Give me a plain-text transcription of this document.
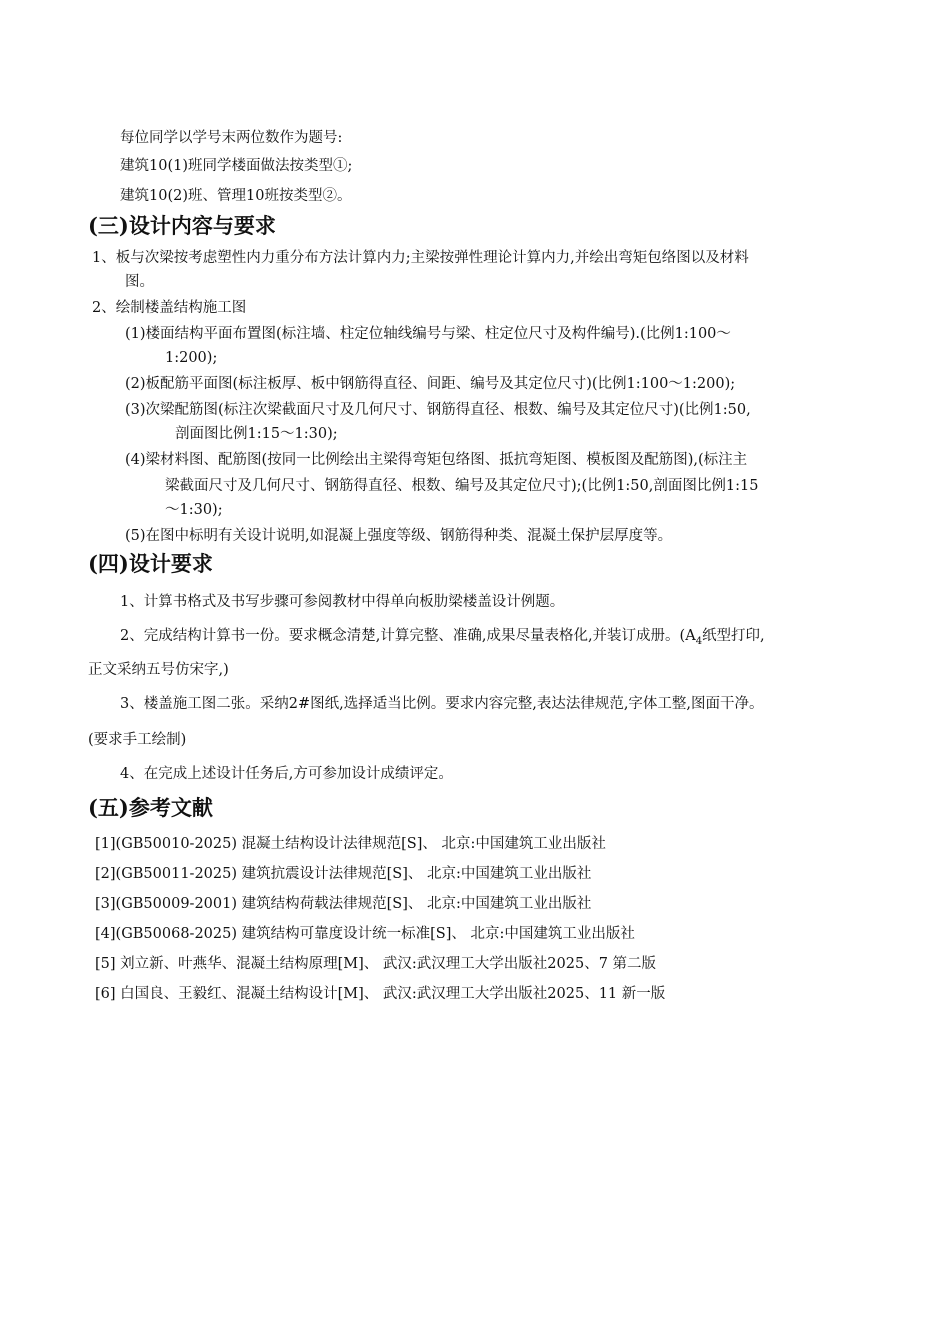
每位同学以学号末两位数作为题号:
建筑10(1)班同学楼面做法按类型①;
建筑10(2)班、管理10班按类型②。
(三)设计内容与要求
1、板与次梁按考虑塑性内力重分布方法计算内力;主梁按弹性理论计算内力,并绘出弯矩包络图以及材料
图。
2、绘制楼盖结构施工图
(1)楼面结构平面布置图(标注墙、柱定位轴线编号与梁、柱定位尺寸及构件编号).(比例1:100～
1:200);
(2)板配筋平面图(标注板厚、板中钢筋得直径、间距、编号及其定位尺寸)(比例1:100～1:200);
(3)次梁配筋图(标注次梁截面尺寸及几何尺寸、钢筋得直径、根数、编号及其定位尺寸)(比例1:50,
剖面图比例1:15～1:30);
(4)梁材料图、配筋图(按同一比例绘出主梁得弯矩包络图、抵抗弯矩图、模板图及配筋图),(标注主
梁截面尺寸及几何尺寸、钢筋得直径、根数、编号及其定位尺寸);(比例1:50,剖面图比例1:15
～1:30);
(5)在图中标明有关设计说明,如混凝上强度等级、钢筋得种类、混凝土保护层厚度等。
(四)设计要求
1、计算书格式及书写步骤可参阅教材中得单向板肋梁楼盖设计例题。
2、完成结构计算书一份。要求概念清楚,计算完整、准确,成果尽量表格化,并装订成册。($A_4$纸型打印,
正文采纳五号仿宋字,)
3、楼盖施工图二张。采纳2#图纸,选择适当比例。要求内容完整,表达法律规范,字体工整,图面干净。
(要求手工绘制)
4、在完成上述设计任务后,方可参加设计成绩评定。
(五)参考文献
[1](GB50010-2025) 混凝土结构设计法律规范[S]、 北京:中国建筑工业出版社
[2](GB50011-2025) 建筑抗震设计法律规范[S]、 北京:中国建筑工业出版社
[3](GB50009-2001) 建筑结构荷载法律规范[S]、 北京:中国建筑工业出版社
[4](GB50068-2025) 建筑结构可靠度设计统一标准[S]、 北京:中国建筑工业出版社
[5] 刘立新、叶燕华、混凝土结构原理[M]、 武汉:武汉理工大学出版社2025、7 第二版
[6] 白国良、王毅红、混凝土结构设计[M]、 武汉:武汉理工大学出版社2025、11 新一版
